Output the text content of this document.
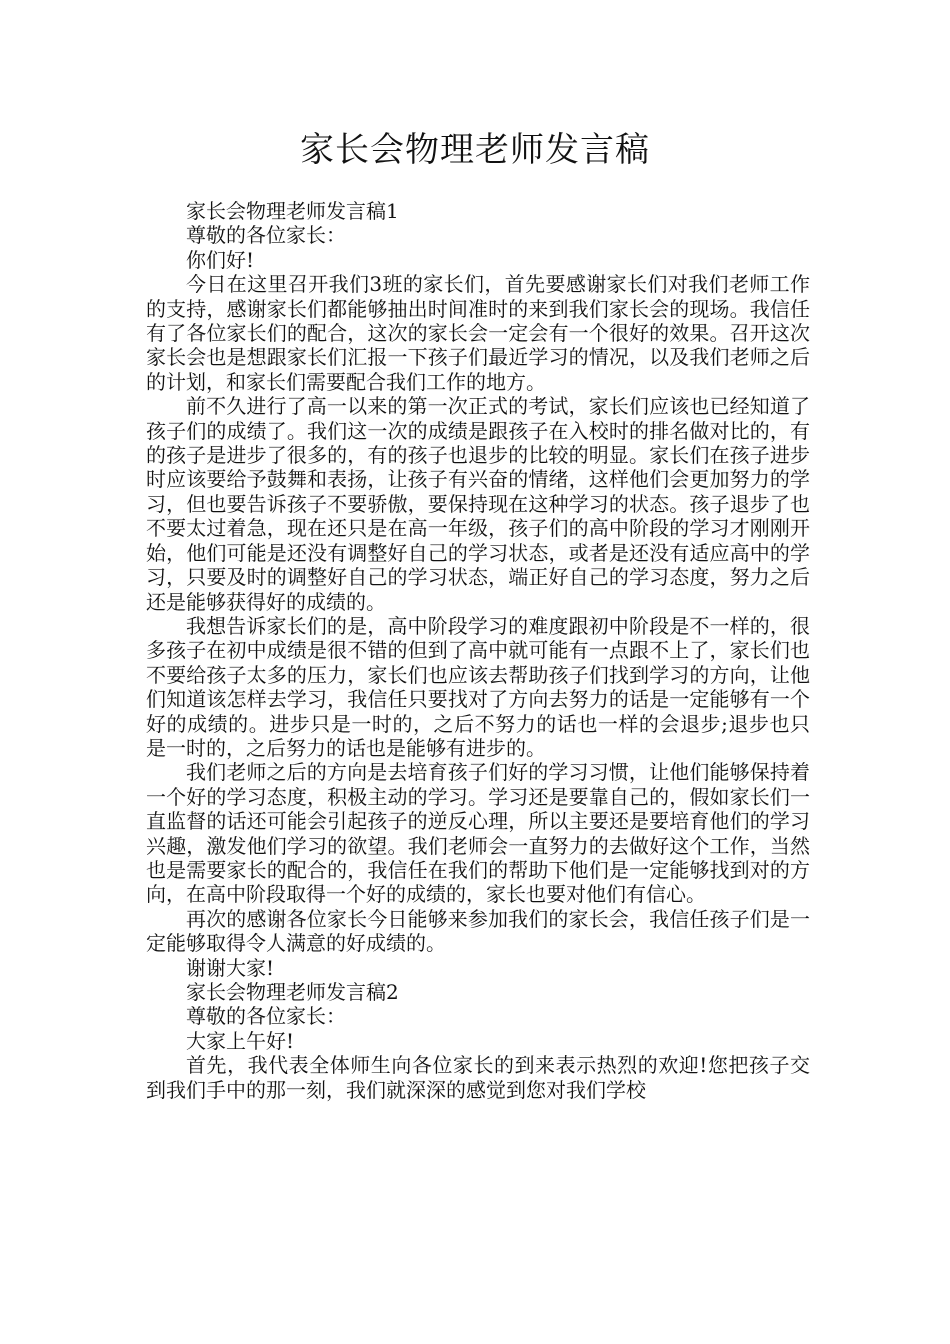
家长会物理老师发言稿

家长会物理老师发言稿1

尊敬的各位家长：

你们好!

今日在这里召开我们3班的家长们，首先要感谢家长们对我们老师工作的支持，感谢家长们都能够抽出时间准时的来到我们家长会的现场。我信任有了各位家长们的配合，这次的家长会一定会有一个很好的效果。召开这次家长会也是想跟家长们汇报一下孩子们最近学习的情况，以及我们老师之后的计划，和家长们需要配合我们工作的地方。

前不久进行了高一以来的第一次正式的考试，家长们应该也已经知道了孩子们的成绩了。我们这一次的成绩是跟孩子在入校时的排名做对比的，有的孩子是进步了很多的，有的孩子也退步的比较的明显。家长们在孩子进步时应该要给予鼓舞和表扬，让孩子有兴奋的情绪，这样他们会更加努力的学习，但也要告诉孩子不要骄傲，要保持现在这种学习的状态。孩子退步了也不要太过着急，现在还只是在高一年级，孩子们的高中阶段的学习才刚刚开始，他们可能是还没有调整好自己的学习状态，或者是还没有适应高中的学习，只要及时的调整好自己的学习状态，端正好自己的学习态度，努力之后还是能够获得好的成绩的。

我想告诉家长们的是，高中阶段学习的难度跟初中阶段是不一样的，很多孩子在初中成绩是很不错的但到了高中就可能有一点跟不上了，家长们也不要给孩子太多的压力，家长们也应该去帮助孩子们找到学习的方向，让他们知道该怎样去学习，我信任只要找对了方向去努力的话是一定能够有一个好的成绩的。进步只是一时的，之后不努力的话也一样的会退步;退步也只是一时的，之后努力的话也是能够有进步的。

我们老师之后的方向是去培育孩子们好的学习习惯，让他们能够保持着一个好的学习态度，积极主动的学习。学习还是要靠自己的，假如家长们一直监督的话还可能会引起孩子的逆反心理，所以主要还是要培育他们的学习兴趣，激发他们学习的欲望。我们老师会一直努力的去做好这个工作，当然也是需要家长的配合的，我信任在我们的帮助下他们是一定能够找到对的方向，在高中阶段取得一个好的成绩的，家长也要对他们有信心。

再次的感谢各位家长今日能够来参加我们的家长会，我信任孩子们是一定能够取得令人满意的好成绩的。

谢谢大家!

家长会物理老师发言稿2

尊敬的各位家长：

大家上午好!

首先，我代表全体师生向各位家长的到来表示热烈的欢迎!您把孩子交到我们手中的那一刻，我们就深深的感觉到您对我们学校
